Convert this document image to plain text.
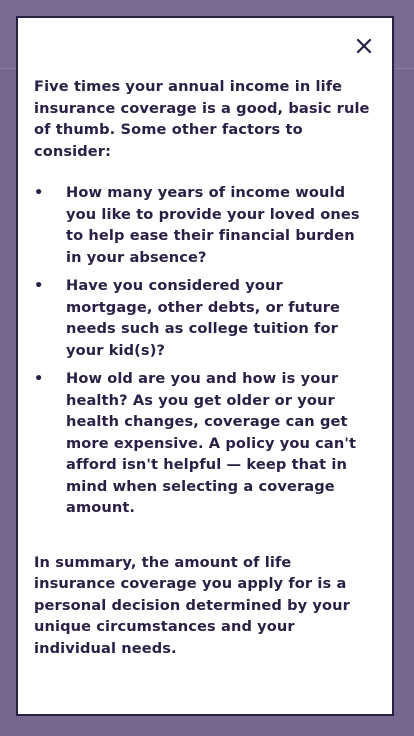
Five times your annual income in life insurance coverage is a good, basic rule of thumb. Some other factors to consider:

• How many years of income would you like to provide your loved ones to help ease their financial burden in your absence?
• Have you considered your mortgage, other debts, or future needs such as college tuition for your kid(s)?
• How old are you and how is your health? As you get older or your health changes, coverage can get more expensive. A policy you can't afford isn't helpful — keep that in mind when selecting a coverage amount.

In summary, the amount of life insurance coverage you apply for is a personal decision determined by your unique circumstances and your individual needs.
